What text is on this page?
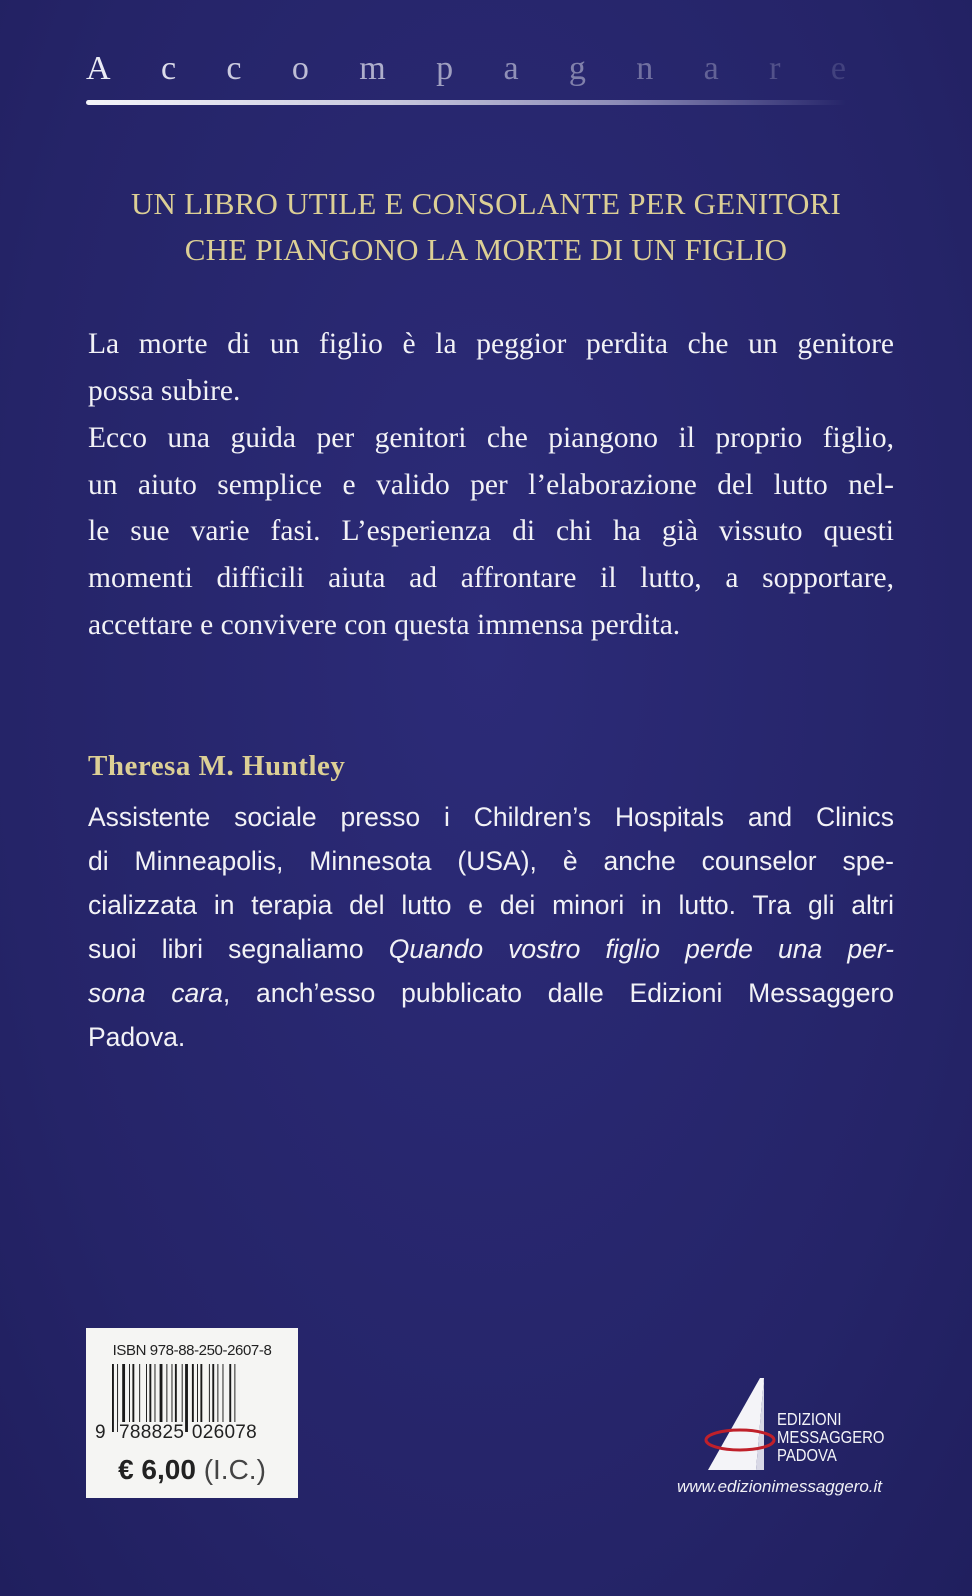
A c c o m p a g n a r e
UN LIBRO UTILE E CONSOLANTE PER GENITORI
CHE PIANGONO LA MORTE DI UN FIGLIO
La morte di un figlio è la peggior perdita che un genitore
possa subire.
Ecco una guida per genitori che piangono il proprio figlio,
un aiuto semplice e valido per l’elaborazione del lutto nel-
le sue varie fasi. L’esperienza di chi ha già vissuto questi
momenti difficili aiuta ad affrontare il lutto, a sopportare,
accettare e convivere con questa immensa perdita.
Theresa M. Huntley
Assistente sociale presso i Children’s Hospitals and Clinics
di Minneapolis, Minnesota (USA), è anche counselor spe-
cializzata in terapia del lutto e dei minori in lutto. Tra gli altri
suoi libri segnaliamo Quando vostro figlio perde una per-
sona cara, anch’esso pubblicato dalle Edizioni Messaggero
Padova.
ISBN 978-88-250-2607-8
9 788825 026078
€ 6,00 (I.C.)
EDIZIONI
MESSAGGERO
PADOVA
www.edizionimessaggero.it
